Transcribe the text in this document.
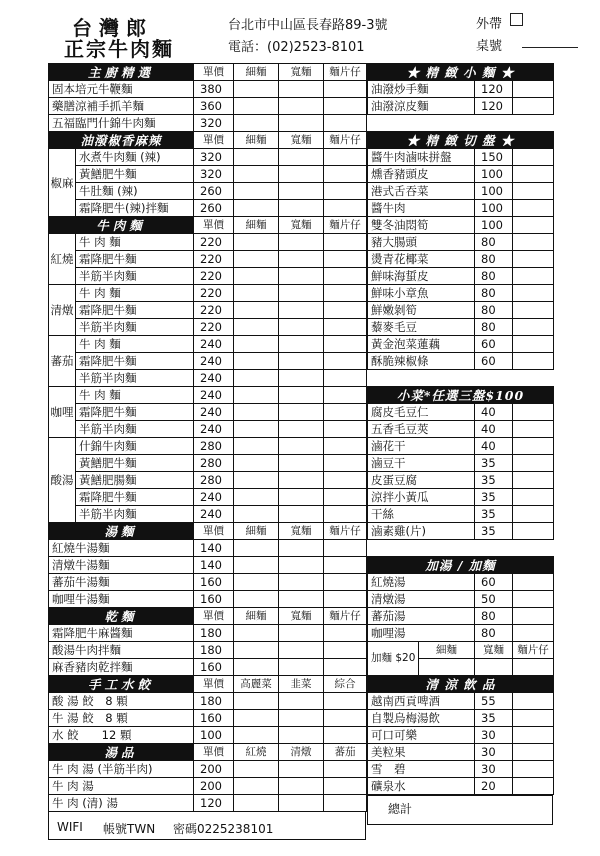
台灣郎
正宗牛肉麵
台北市中山區長春路89-3號
電話：(02)2523-8101
外帶
桌號
主廚精選		單價	細麵	寬麵	麵片仔
固本培元牛鞭麵		380			
藥膳涼補手抓羊麵		360			
五福臨門什錦牛肉麵		320			
油潑椒香麻辣		單價	細麵	寬麵	麵片仔
椒麻	水煮牛肉麵 (辣)	320			
	黃鱔肥牛麵	320			
	牛肚麵 (辣)	260			
	霜降肥牛(辣)拌麵	260			
牛肉麵		單價	細麵	寬麵	麵片仔
紅燒	牛 肉 麵	220			
	霜降肥牛麵	220			
	半筋半肉麵	220			
清燉	牛 肉 麵	220			
	霜降肥牛麵	220			
	半筋半肉麵	220			
蕃茄	牛 肉 麵	240			
	霜降肥牛麵	240			
	半筋半肉麵	240			
咖哩	牛 肉 麵	240			
	霜降肥牛麵	240			
	半筋半肉麵	240			
酸湯	什錦牛肉麵	280			
	黃鱔肥牛麵	280			
	黃鱔肥腸麵	280			
	霜降肥牛麵	240			
	半筋半肉麵	240			
湯麵		單價	細麵	寬麵	麵片仔
紅燒牛湯麵		140			
清燉牛湯麵		140			
蕃茄牛湯麵		160			
咖哩牛湯麵		160			
乾麵		單價	細麵	寬麵	麵片仔
霜降肥牛麻醬麵		180			
酸湯牛肉拌麵		180			
麻香豬肉乾拌麵		160			
手工水餃		單價	高麗菜	韭菜	綜合
酸 湯 餃　8 顆		180			
牛 湯 餃　8 顆		160			
水 餃　　12 顆		100			
湯品		單價	紅燒	清燉	蕃茄
牛 肉 湯 (半筋半肉)		200			
牛 肉 湯		200			
牛 肉 (清) 湯		120			
WIFI 帳號TWN 密碼0225238101
★ 精 緻 小 麵 ★			
油潑炒手麵		120	
油潑涼皮麵		120	

★ 精 緻 切 盤 ★			
醬牛肉滷味拼盤		150	
燻香豬頭皮		100	
港式舌吞菜		100	
醬牛肉		100	
雙冬油悶筍		100	
豬大腸頭		80	
燙青花椰菜		80	
鮮味海蜇皮		80	
鮮味小章魚		80	
鮮嫩剝筍		80	
藜麥毛豆		80	
黃金泡菜蓮藕		60	
酥脆辣椒條		60	

小菜*任選三盤$100			
腐皮毛豆仁		40	
五香毛豆莢		40	
滷花干		40	
滷豆干		35	
皮蛋豆腐		35	
涼拌小黃瓜		35	
干絲		35	
滷素雞(片)		35	

加湯 / 加麵			
紅燒湯		60	
清燉湯		50	
蕃茄湯		80	
咖哩湯		80	
加麵 $20	細麵	寬麵	麵片仔

清 涼 飲 品			
越南西貢啤酒		55	
自製烏梅湯飲		35	
可口可樂		30	
美粒果		30	
雪　碧		30	
礦泉水		20	
總計
